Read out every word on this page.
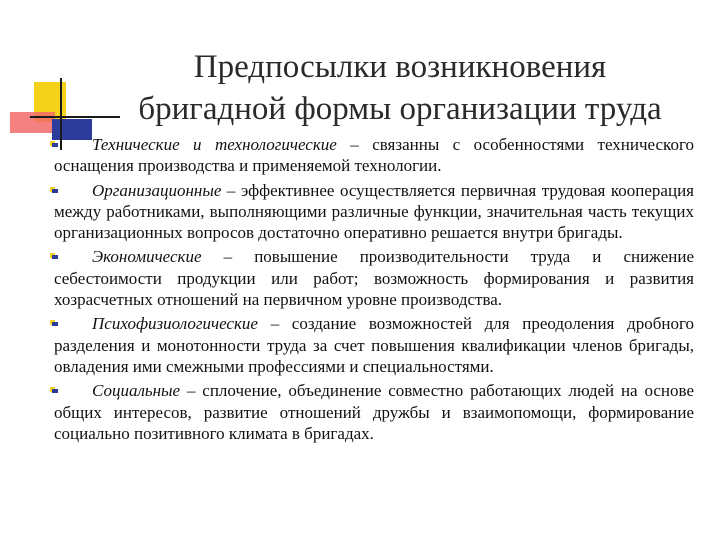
Предпосылки возникновения
бригадной формы организации труда

Технические и технологические – связанны с особенностями технического оснащения производства и применяемой технологии.

Организационные – эффективнее осуществляется первичная трудовая кооперация между работниками, выполняющими различные функции, значительная часть текущих организационных вопросов достаточно оперативно решается внутри бригады.

Экономические – повышение производительности труда и снижение себестоимости продукции или работ; возможность формирования и развития хозрасчетных отношений на первичном уровне производства.

Психофизиологические – создание возможностей для преодоления дробного разделения и монотонности труда за счет повышения квалификации членов бригады, овладения ими смежными профессиями и специальностями.

Социальные – сплочение, объединение совместно работающих людей на основе общих интересов, развитие отношений дружбы и взаимопомощи, формирование социально позитивного климата в бригадах.
